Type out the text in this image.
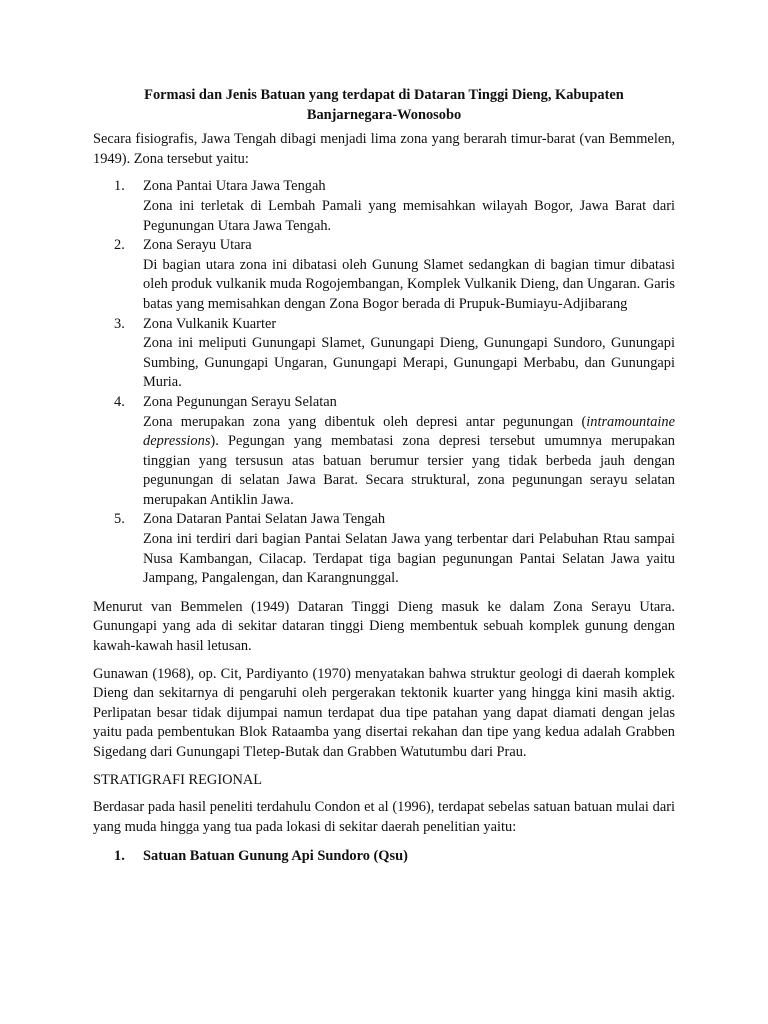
Formasi dan Jenis Batuan yang terdapat di Dataran Tinggi Dieng, Kabupaten Banjarnegara-Wonosobo

Secara fisiografis, Jawa Tengah dibagi menjadi lima zona yang berarah timur-barat (van Bemmelen, 1949). Zona tersebut yaitu:

1. Zona Pantai Utara Jawa Tengah
Zona ini terletak di Lembah Pamali yang memisahkan wilayah Bogor, Jawa Barat dari Pegunungan Utara Jawa Tengah.
2. Zona Serayu Utara
Di bagian utara zona ini dibatasi oleh Gunung Slamet sedangkan di bagian timur dibatasi oleh produk vulkanik muda Rogojembangan, Komplek Vulkanik Dieng, dan Ungaran. Garis batas yang memisahkan dengan Zona Bogor berada di Prupuk-Bumiayu-Adjibarang
3. Zona Vulkanik Kuarter
Zona ini meliputi Gunungapi Slamet, Gunungapi Dieng, Gunungapi Sundoro, Gunungapi Sumbing, Gunungapi Ungaran, Gunungapi Merapi, Gunungapi Merbabu, dan Gunungapi Muria.
4. Zona Pegunungan Serayu Selatan
Zona merupakan zona yang dibentuk oleh depresi antar pegunungan (intramountaine depressions). Pegungan yang membatasi zona depresi tersebut umumnya merupakan tinggian yang tersusun atas batuan berumur tersier yang tidak berbeda jauh dengan pegunungan di selatan Jawa Barat. Secara struktural, zona pegunungan serayu selatan merupakan Antiklin Jawa.
5. Zona Dataran Pantai Selatan Jawa Tengah
Zona ini terdiri dari bagian Pantai Selatan Jawa yang terbentar dari Pelabuhan Rtau sampai Nusa Kambangan, Cilacap. Terdapat tiga bagian pegunungan Pantai Selatan Jawa yaitu Jampang, Pangalengan, dan Karangnunggal.

Menurut van Bemmelen (1949) Dataran Tinggi Dieng masuk ke dalam Zona Serayu Utara. Gunungapi yang ada di sekitar dataran tinggi Dieng membentuk sebuah komplek gunung dengan kawah-kawah hasil letusan.

Gunawan (1968), op. Cit, Pardiyanto (1970) menyatakan bahwa struktur geologi di daerah komplek Dieng dan sekitarnya di pengaruhi oleh pergerakan tektonik kuarter yang hingga kini masih aktig. Perlipatan besar tidak dijumpai namun terdapat dua tipe patahan yang dapat diamati dengan jelas yaitu pada pembentukan Blok Rataamba yang disertai rekahan dan tipe yang kedua adalah Grabben Sigedang dari Gunungapi Tletep-Butak dan Grabben Watutumbu dari Prau.

STRATIGRAFI REGIONAL

Berdasar pada hasil peneliti terdahulu Condon et al (1996), terdapat sebelas satuan batuan mulai dari yang muda hingga yang tua pada lokasi di sekitar daerah penelitian yaitu:

1. Satuan Batuan Gunung Api Sundoro (Qsu)
